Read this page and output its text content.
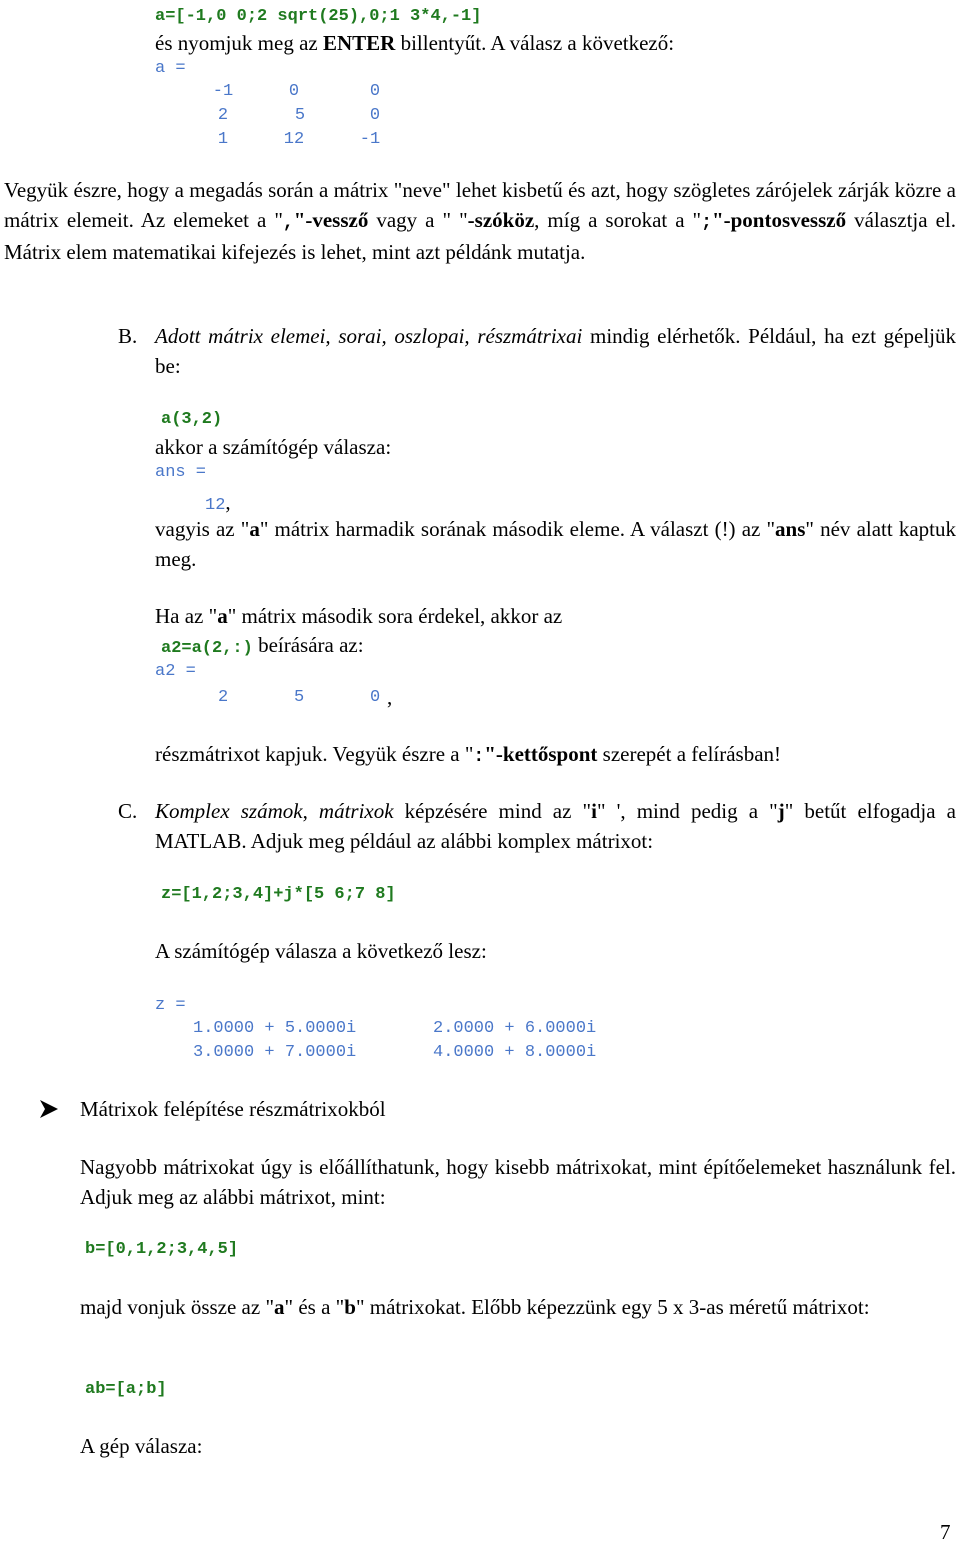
a=[-1,0 0;2 sqrt(25),0;1 3*4,-1]
és nyomjuk meg az ENTER billentyűt. A válasz a következő:
a =
-1	0	0
2	5	0
1	12	-1
Vegyük észre, hogy a megadás során a mátrix "neve" lehet kisbetű és azt, hogy szögletes zárójelek zárják közre a mátrix elemeit. Az elemeket a ","-vessző vagy a " "-szóköz, míg a sorokat a ";"-pontosvessző választja el. Mátrix elem matematikai kifejezés is lehet, mint azt példánk mutatja.
B. Adott mátrix elemei, sorai, oszlopai, részmátrixai mindig elérhetők. Például, ha ezt gépeljük be:
a(3,2)
akkor a számítógép válasza:
ans =
12,
vagyis az "a" mátrix harmadik sorának második eleme. A választ (!) az "ans" név alatt kaptuk meg.
Ha az "a" mátrix második sora érdekel, akkor az
a2=a(2,:) beírására az:
a2 =
2	5	0 ,
részmátrixot kapjuk. Vegyük észre a ":"-kettőspont szerepét a felírásban!
C. Komplex számok, mátrixok képzésére mind az "i" ', mind pedig a "j" betűt elfogadja a MATLAB. Adjuk meg például az alábbi komplex mátrixot:
z=[1,2;3,4]+j*[5 6;7 8]
A számítógép válasza a következő lesz:
z =
1.0000 + 5.0000i	2.0000 + 6.0000i
3.0000 + 7.0000i	4.0000 + 8.0000i
Mátrixok felépítése részmátrixokból
Nagyobb mátrixokat úgy is előállíthatunk, hogy kisebb mátrixokat, mint építőelemeket használunk fel. Adjuk meg az alábbi mátrixot, mint:
b=[0,1,2;3,4,5]
majd vonjuk össze az "a" és a "b" mátrixokat. Előbb képezzünk egy 5 x 3-as méretű mátrixot:
ab=[a;b]
A gép válasza:
7
